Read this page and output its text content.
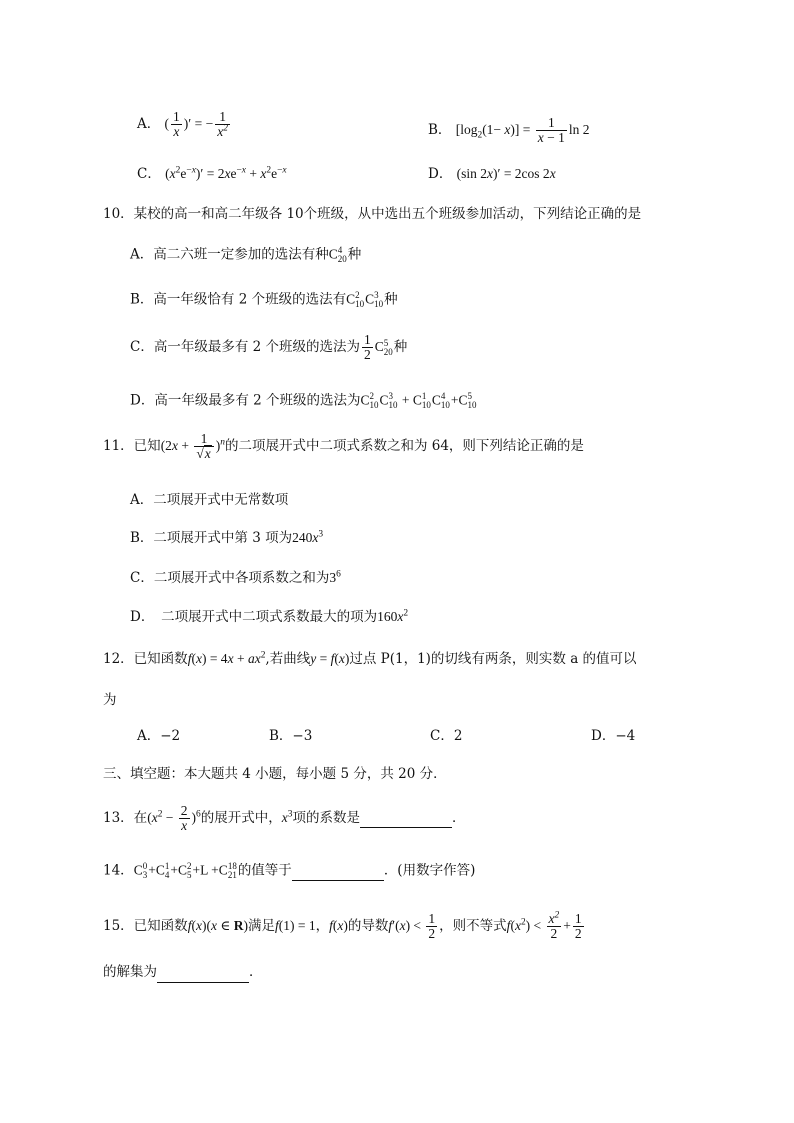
A． ( $\frac{1}{x}$ )′ = − $\frac{1}{x^2}$	B． $[\log_2(1- x)] = \frac{1}{x - 1}$ ln 2
C． $(x^2e^{-x})' = 2xe^{-x} + x^2e^{-x}$	D． (sin 2x)′ = 2cos 2x
10．某校的高一和高二年级各 10个班级，从中选出五个班级参加活动，下列结论正确的是
A．高二六班一定参加的选法有种C 4
20 种
B．高一年级恰有 2 个班级的选法有C 2
10 C 3
10 种
C．高一年级最多有 2 个班级的选法为 $\frac{1}{2}$ C 5
20 种
D．高一年级最多有 2 个班级的选法为C 2
10 C 3
10 + C 1
10 C 4
10 +C 5
10
11．已知$(2x + \frac{1}{√x} )^n$的二项展开式中二项式系数之和为 64，则下列结论正确的是
A．二项展开式中无常数项
B．二项展开式中第 3 项为$240x^3$
C．二项展开式中各项系数之和为$3^6$
D．　二项展开式中二项式系数最大的项为$160x^2$
12．已知函数$f(x) = 4x + ax^2$,若曲线y = f(x)过点 P(1，1)的切线有两条，则实数 a 的值可以
为
A．−2	B．−3	C．2	D．−4
三、填空题：本大题共 4 小题，每小题 5 分，共 20 分．
13．在$(x^2 - \frac{2}{x} )^6$的展开式中，$x^3$项的系数是	．
14．C 0
3 +C 1
4 +C 2
5 +L +C 18
21 的值等于	．(用数字作答)
15．已知函数f(x)(x ∈ R)满足f(1) = 1，f(x)的导数$f'(x) < \frac{1}{2}$ ，则不等式$f(x^2) < \frac{x^2}{2} + \frac{1}{2}$
的解集为	．
